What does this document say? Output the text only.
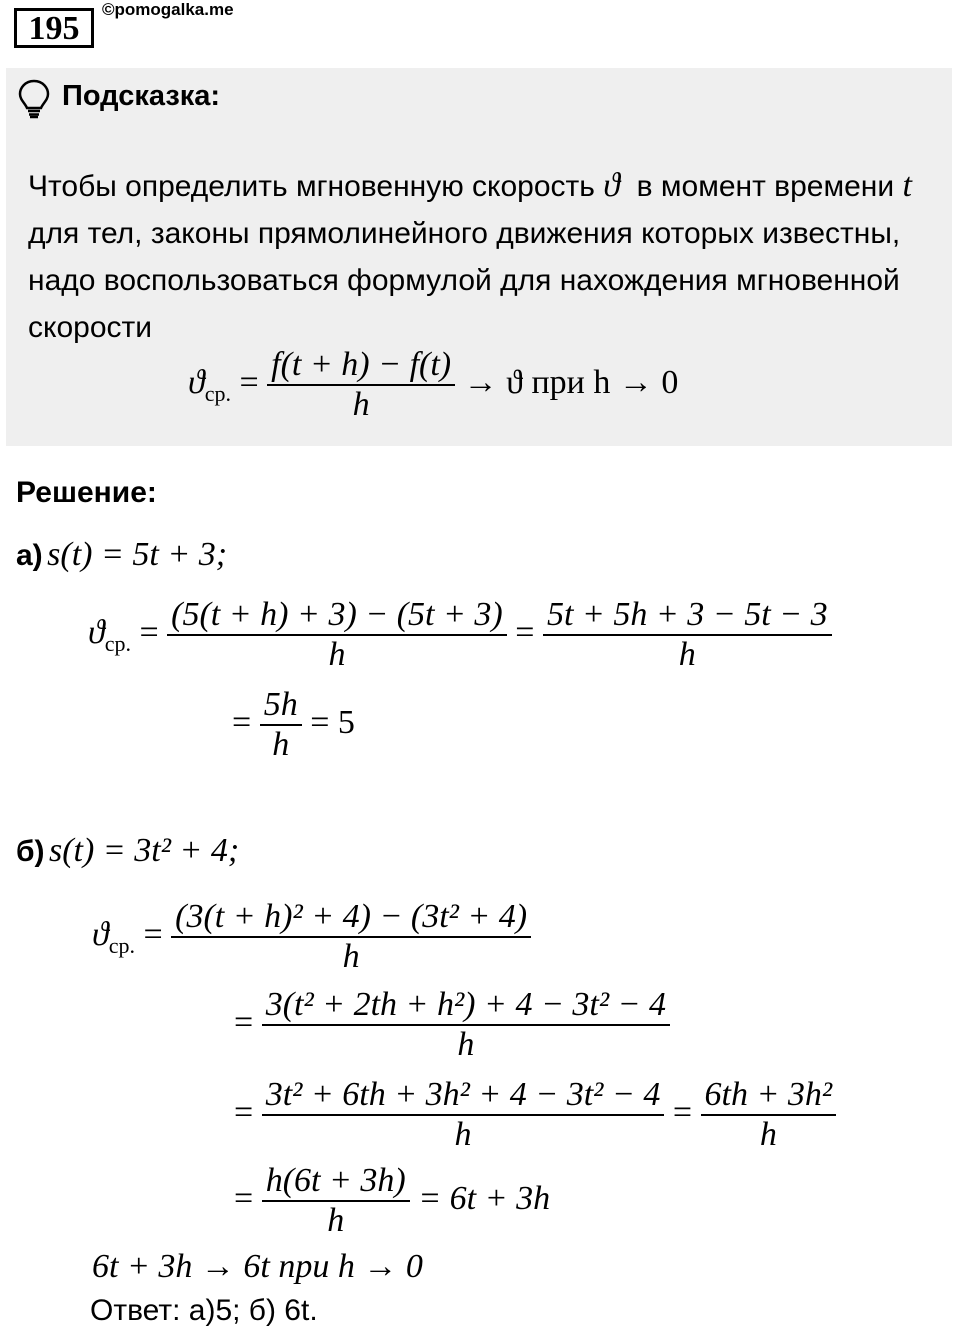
195
©pomogalka.me
Подсказка:
Чтобы определить мгновенную скорость ϑ в момент времени t  для тел, законы прямолинейного движения которых известны, надо воспользоваться формулой для нахождения мгновенной скорости
$ϑ_{ср.} = \frac{f(t + h) - f(t)}{h} \to ϑ$ при h → 0
Решение:
а) s(t) = 5t + 3;
$ϑ_{ср.} = \frac{(5(t + h) + 3) - (5t + 3)}{h} = \frac{5t + 5h + 3 - 5t - 3}{h}$
= $\frac{5h}{h} = 5$
б) s(t) = 3t² + 4;
$ϑ_{ср.} = \frac{\text{(3(t + h)² + 4) − (3t² + 4)}}{h}$
= $\frac{\text{3(t² + 2th + h²) + 4 − 3t² − 4}}{h}$
= $\frac{\text{3t² + 6th + 3h² + 4 − 3t² − 4}}{h} = \frac{\text{6th + 3h²}}{h}$
= $\frac{h(6t + 3h)}{h} = 6t + 3h$
6t + 3h → 6t при h → 0
Ответ: а)5; б) 6t.
